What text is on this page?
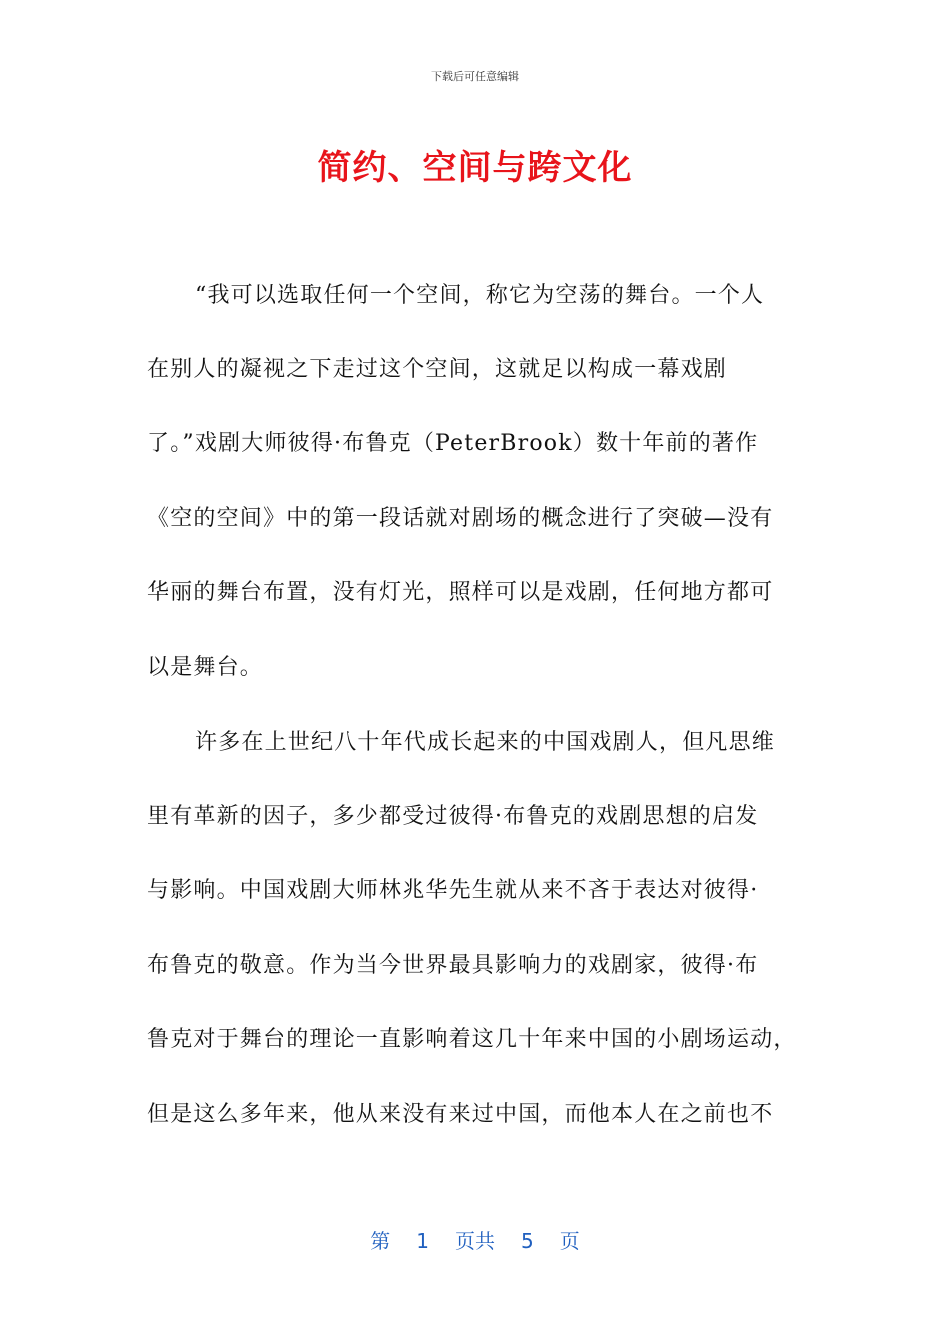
下载后可任意编辑
简约、空间与跨文化
“我可以选取任何一个空间，称它为空荡的舞台。一个人
在别人的凝视之下走过这个空间，这就足以构成一幕戏剧
了。”戏剧大师彼得·布鲁克（PeterBrook）数十年前的著作
《空的空间》中的第一段话就对剧场的概念进行了突破—没有
华丽的舞台布置，没有灯光，照样可以是戏剧，任何地方都可
以是舞台。
许多在上世纪八十年代成长起来的中国戏剧人，但凡思维
里有革新的因子，多少都受过彼得·布鲁克的戏剧思想的启发
与影响。中国戏剧大师林兆华先生就从来不吝于表达对彼得·
布鲁克的敬意。作为当今世界最具影响力的戏剧家，彼得·布
鲁克对于舞台的理论一直影响着这几十年来中国的小剧场运动，
但是这么多年来，他从来没有来过中国，而他本人在之前也不
第 1 页共 5 页
